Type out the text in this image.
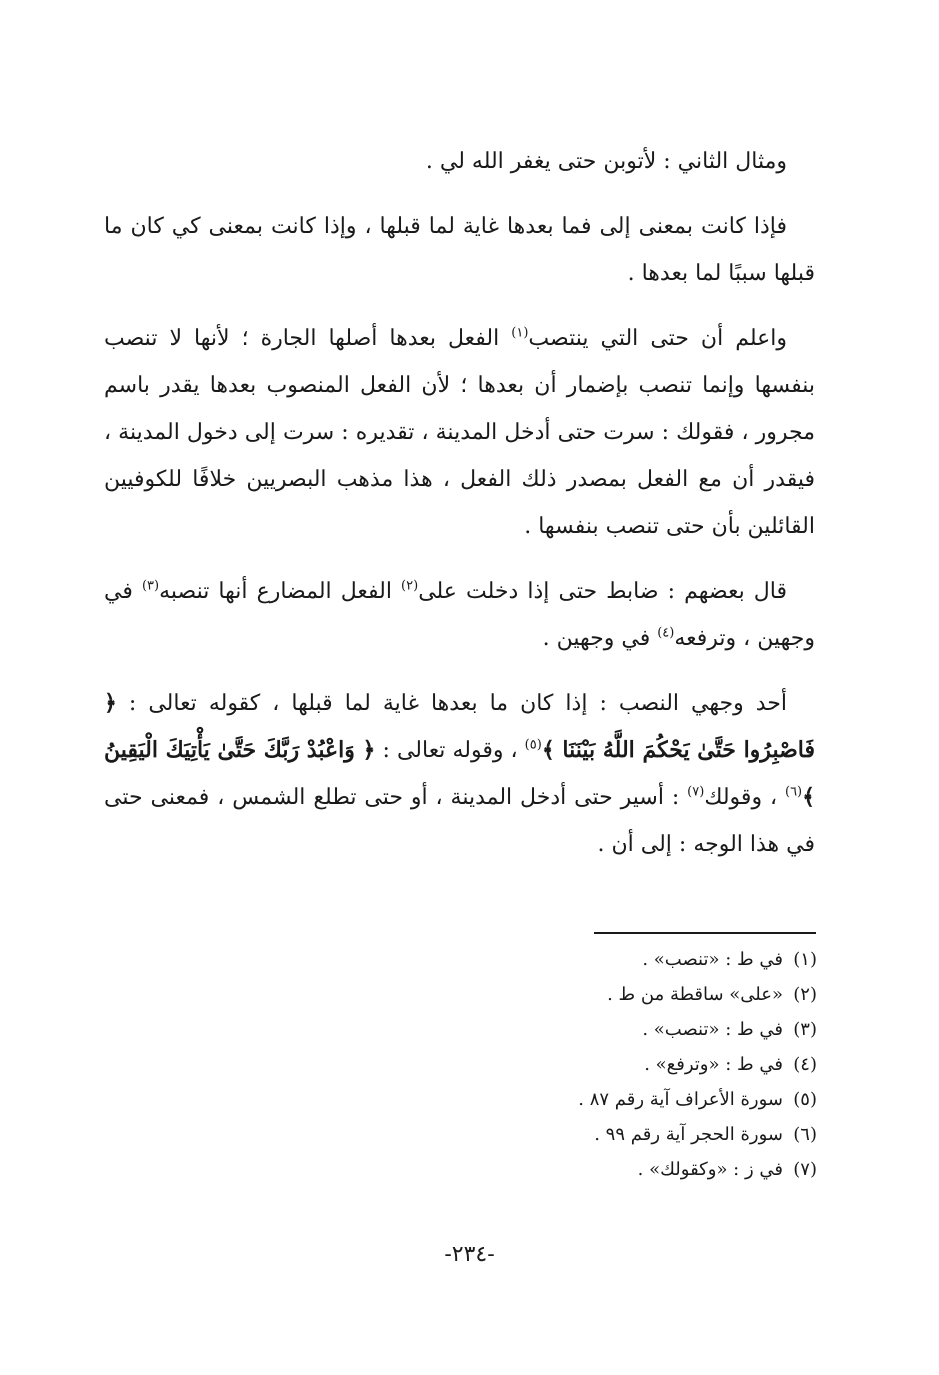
ومثال الثاني : لأتوبن حتى يغفر الله لي .

فإذا كانت بمعنى إلى فما بعدها غاية لما قبلها ، وإذا كانت بمعنى كي كان ما قبلها سببًا لما بعدها .

واعلم أن حتى التي ينتصب$^{(١)}$ الفعل بعدها أصلها الجارة ؛ لأنها لا تنصب بنفسها وإنما تنصب بإضمار أن بعدها ؛ لأن الفعل المنصوب بعدها يقدر باسم مجرور ، فقولك : سرت حتى أدخل المدينة ، تقديره : سرت إلى دخول المدينة ، فيقدر أن مع الفعل بمصدر ذلك الفعل ، هذا مذهب البصريين خلافًا للكوفيين القائلين بأن حتى تنصب بنفسها .

قال بعضهم : ضابط حتى إذا دخلت على$^{(٢)}$ الفعل المضارع أنها تنصبه$^{(٣)}$ في وجهين ، وترفعه$^{(٤)}$ في وجهين .

أحد وجهي النصب : إذا كان ما بعدها غاية لما قبلها ، كقوله تعالى : ﴿ فَاصْبِرُوا حَتَّىٰ يَحْكُمَ اللَّهُ بَيْنَنَا ﴾$^{(٥)}$ ، وقوله تعالى : ﴿ وَاعْبُدْ رَبَّكَ حَتَّىٰ يَأْتِيَكَ الْيَقِينُ ﴾$^{(٦)}$ ، وقولك$^{(٧)}$ : أسير حتى أدخل المدينة ، أو حتى تطلع الشمس ، فمعنى حتى في هذا الوجه : إلى أن .

(١)في ط : «تنصب» .
(٢)«على» ساقطة من ط .
(٣)في ط : «تنصب» .
(٤)في ط : «وترفع» .
(٥)سورة الأعراف آية رقم ٨٧ .
(٦)سورة الحجر آية رقم ٩٩ .
(٧)في ز : «وكقولك» .
-٢٣٤-
